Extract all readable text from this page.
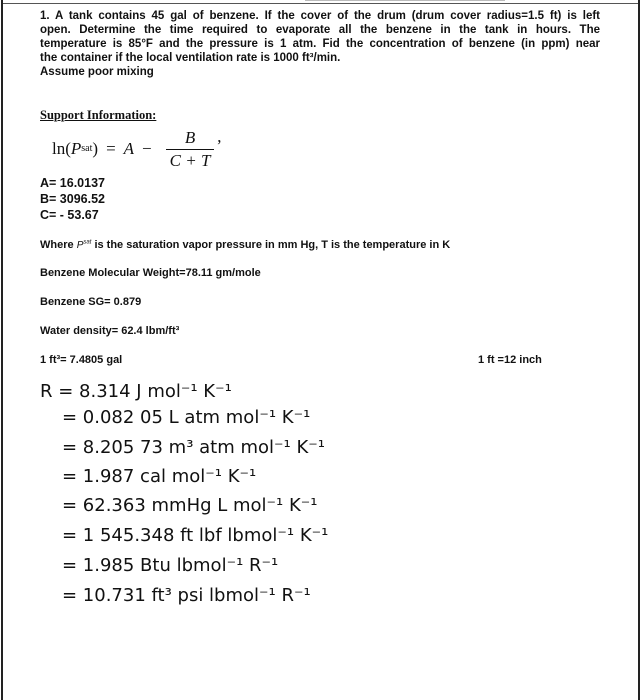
1. A tank contains 45 gal of benzene. If the cover of the drum (drum cover radius=1.5 ft) is left
open. Determine the time required to evaporate all the benzene in the tank in hours. The
temperature is 85°F and the pressure is 1 atm. Fid the concentration of benzene (in ppm) near
the container if the local ventilation rate is 1000 ft³/min.
Assume poor mixing
Support Information:
ln( P sat ) = $A - \frac{B}{C + T}$ ’
A= 16.0137
B= 3096.52
C= - 53.67
Where $P^{sat}$ is the saturation vapor pressure in mm Hg, T is the temperature in K
Benzene Molecular Weight=78.11 gm/mole
Benzene SG= 0.879
Water density= 62.4 lbm/ft³
1 ft³= 7.4805 gal	1 ft =12 inch
R = 8.314 J mol⁻¹ K⁻¹
= 0.082 05 L atm mol⁻¹ K⁻¹
= 8.205 73 m³ atm mol⁻¹ K⁻¹
= 1.987 cal mol⁻¹ K⁻¹
= 62.363 mmHg L mol⁻¹ K⁻¹
= 1 545.348 ft lbf lbmol⁻¹ K⁻¹
= 1.985 Btu lbmol⁻¹ R⁻¹
= 10.731 ft³ psi lbmol⁻¹ R⁻¹
